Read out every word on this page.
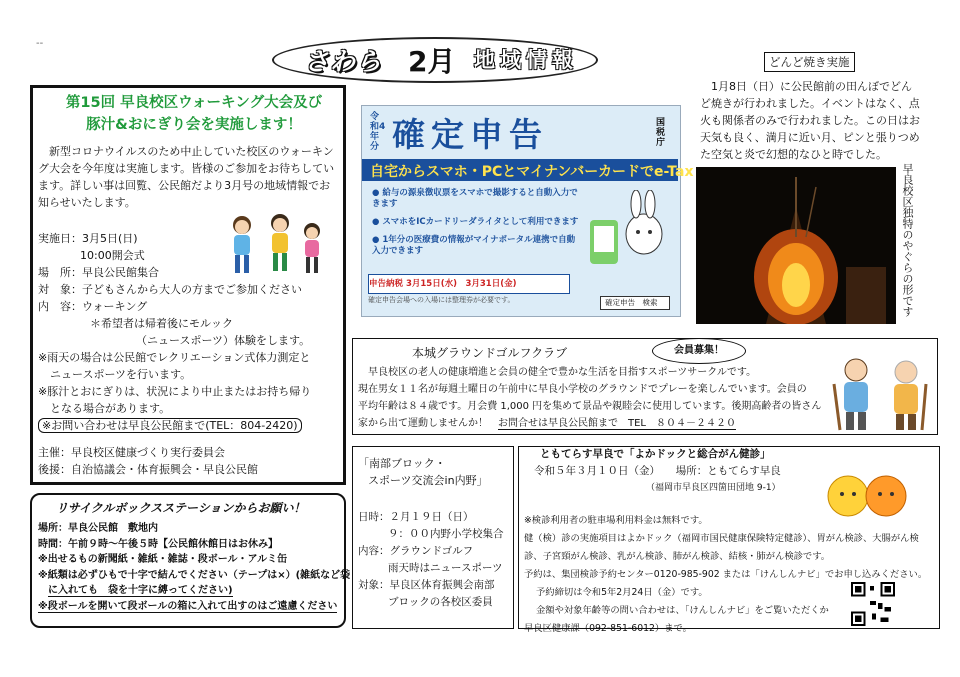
--
さわら 2月 地域情報
第15回 早良校区ウォーキング大会及び
豚汁&おにぎり会を実施します！
新型コロナウイルスのため中止していた校区のウォーキング大会を今年度は実施します。皆様のご参加をお待ちしています。詳しい事は回覧、公民館だより3月号の地域情報でお知らせいたします。
実施日：3月5日(日)
10:00開会式
場　所：早良公民館集合
対　象：子どもさんから大人の方までご参加ください
内　容：ウォーキング
＊希望者は帰着後にモルック
（ニュースポーツ）体験をします。
※雨天の場合は公民館でレクリエーション式体力測定と
ニュースポーツを行います。
※豚汁とおにぎりは、状況により中止またはお持ち帰り
となる場合があります。
※お問い合わせは早良公民館まで(TEL：804-2420)
主催：早良校区健康づくり実行委員会
後援：自治協議会・体育振興会・早良公民館
リサイクルボックスステーションからお願い！
場所：早良公民館　敷地内
時間：午前９時～午後５時【公民館休館日はお休み】
※出せるもの新聞紙・雑紙・雑誌・段ボール・アルミ缶
※紙類は必ずひもで十字で結んでください（テープは×）(雑紙など袋
に入れても　袋を十字に縛ってください)
※段ボールを開いて段ボールの箱に入れて出すのはご遠慮ください
令和4年分 確定申告	国税庁
自宅からスマホ・PCとマイナンバーカードでe-Tax
● 給与の源泉徴収票をスマホで撮影すると自動入力できます
● スマホをICカードリーダライタとして利用できます
● 1年分の医療費の情報がマイナポータル連携で自動入力できます
申告納税 3月15日(水)　3月31日(金)
確定申告会場への入場には整理券が必要です。	確定申告　検索
どんど焼き実施
1月8日（日）に公民館前の田んぼでどんど焼きが行われました。イベントはなく、点火も関係者のみで行われました。この日はお天気も良く、満月に近い月、ピンと張りつめた空気と炎で幻想的なひと時でした。
早良校区独特のやぐらの形です
本城グラウンドゴルフクラブ	会員募集！
早良校区の老人の健康増進と会員の健全で豊かな生活を目指すスポーツサークルです。
現在男女１１名が毎週土曜日の午前中に早良小学校のグラウンドでプレーを楽しんでいます。会員の
平均年齢は８４歳です。月会費 1,000 円を集めて景品や親睦会に使用しています。後期高齢者の皆さん
家から出て運動しませんか！　 お問合せは早良公民館まで　TEL　８０４－２４２０
「南部ブロック・
スポーツ交流会in内野」
日時：２月１９日（日）
９：００内野小学校集合
内容：グラウンドゴルフ
雨天時はニュースポーツ
対象：早良区体育振興会南部
ブロックの各校区委員
ともてらす早良で「よかドックと総合がん健診」
令和５年３月１０日（金）　　 場所：ともてらす早良
（福岡市早良区四箇田団地 9-1）
※検診利用者の駐車場利用料金は無料です。
健（検）診の実施項目はよかドック（福岡市国民健康保険特定健診）、胃がん検診、大腸がん検
診、子宮頸がん検診、乳がん検診、肺がん検診、結核・肺がん検診です。
予約は、集団検診予約センター0120-985-902 または「けんしんナビ」でお申し込みください。
予約締切は令和5年2月24日（金）です。
金額や対象年齢等の問い合わせは、「けんしんナビ」をご覧いただくか
早良区健康課（092-851-6012）まで。
